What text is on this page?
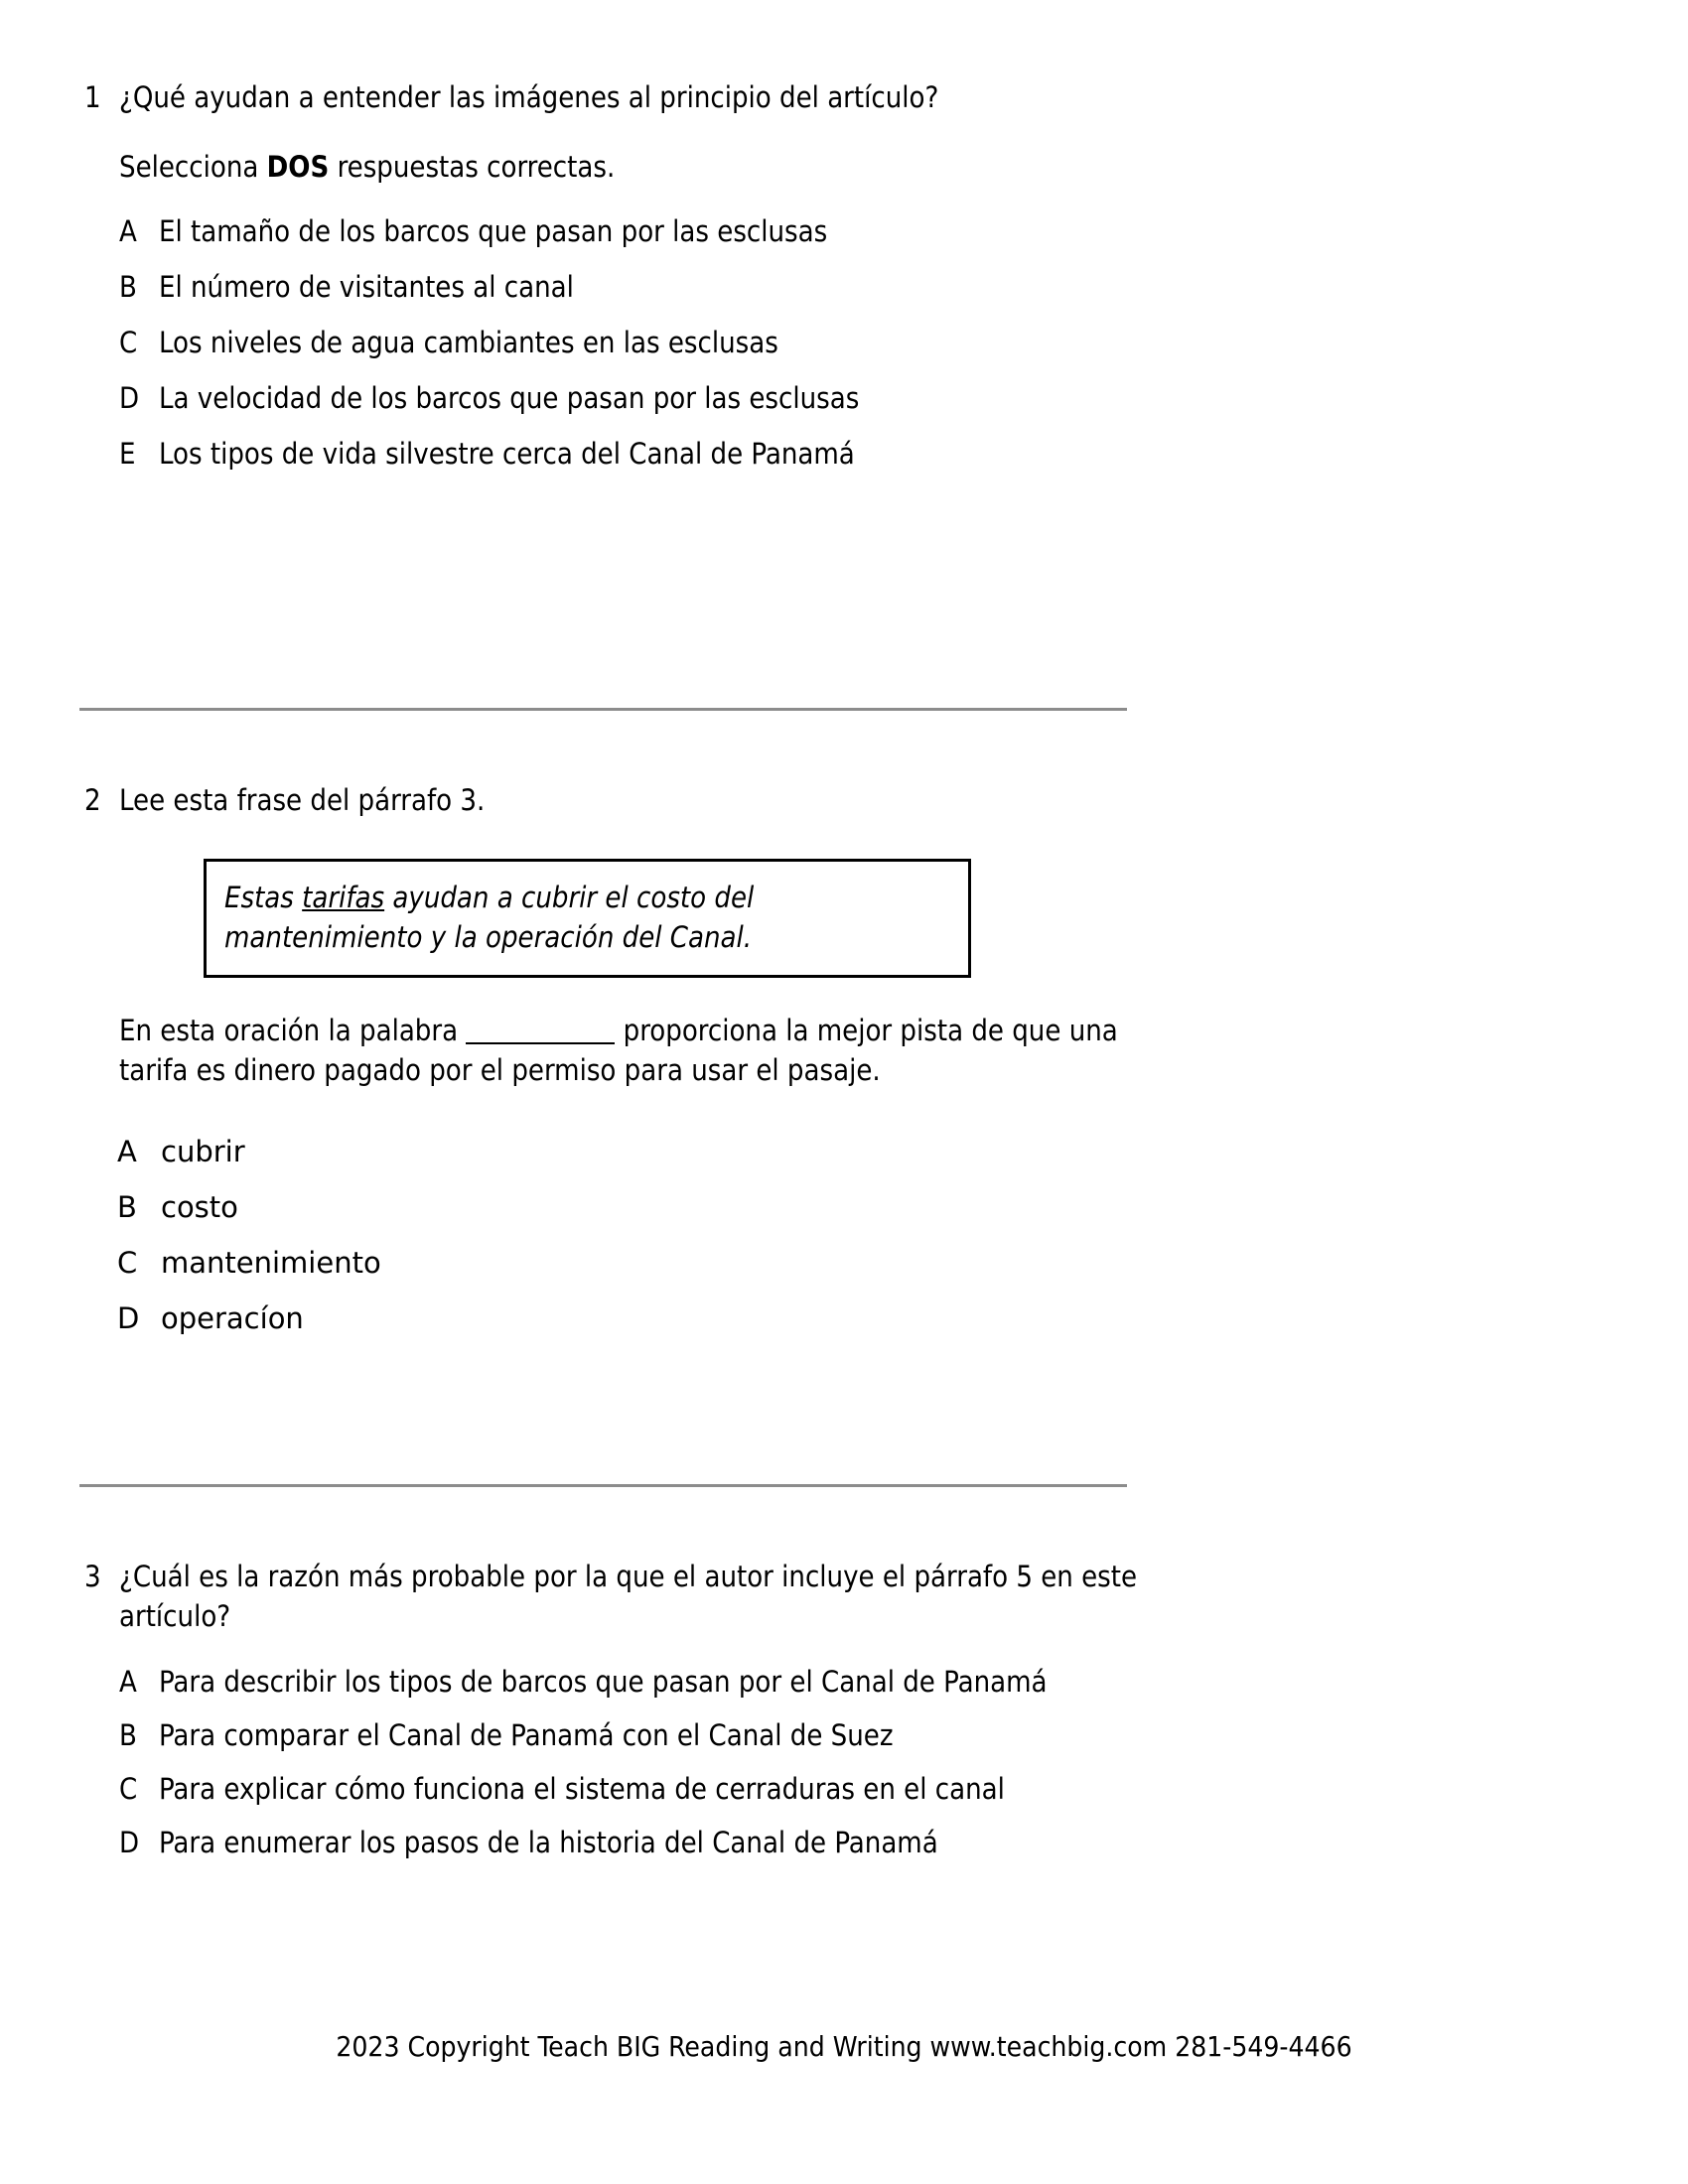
1 ¿Qué ayudan a entender las imágenes al principio del artículo?
Selecciona DOS respuestas correctas.
A El tamaño de los barcos que pasan por las esclusas
B El número de visitantes al canal
C Los niveles de agua cambiantes en las esclusas
D La velocidad de los barcos que pasan por las esclusas
E Los tipos de vida silvestre cerca del Canal de Panamá
2 Lee esta frase del párrafo 3.
Estas tarifas ayudan a cubrir el costo del mantenimiento y la operación del Canal.
En esta oración la palabra	proporciona la mejor pista de que una tarifa es dinero pagado por el permiso para usar el pasaje.
A cubrir
B costo
C mantenimiento
D operacíon
3 ¿Cuál es la razón más probable por la que el autor incluye el párrafo 5 en este artículo?
A Para describir los tipos de barcos que pasan por el Canal de Panamá
B Para comparar el Canal de Panamá con el Canal de Suez
C Para explicar cómo funciona el sistema de cerraduras en el canal
D Para enumerar los pasos de la historia del Canal de Panamá
2023 Copyright Teach BIG Reading and Writing www.teachbig.com 281-549-4466
